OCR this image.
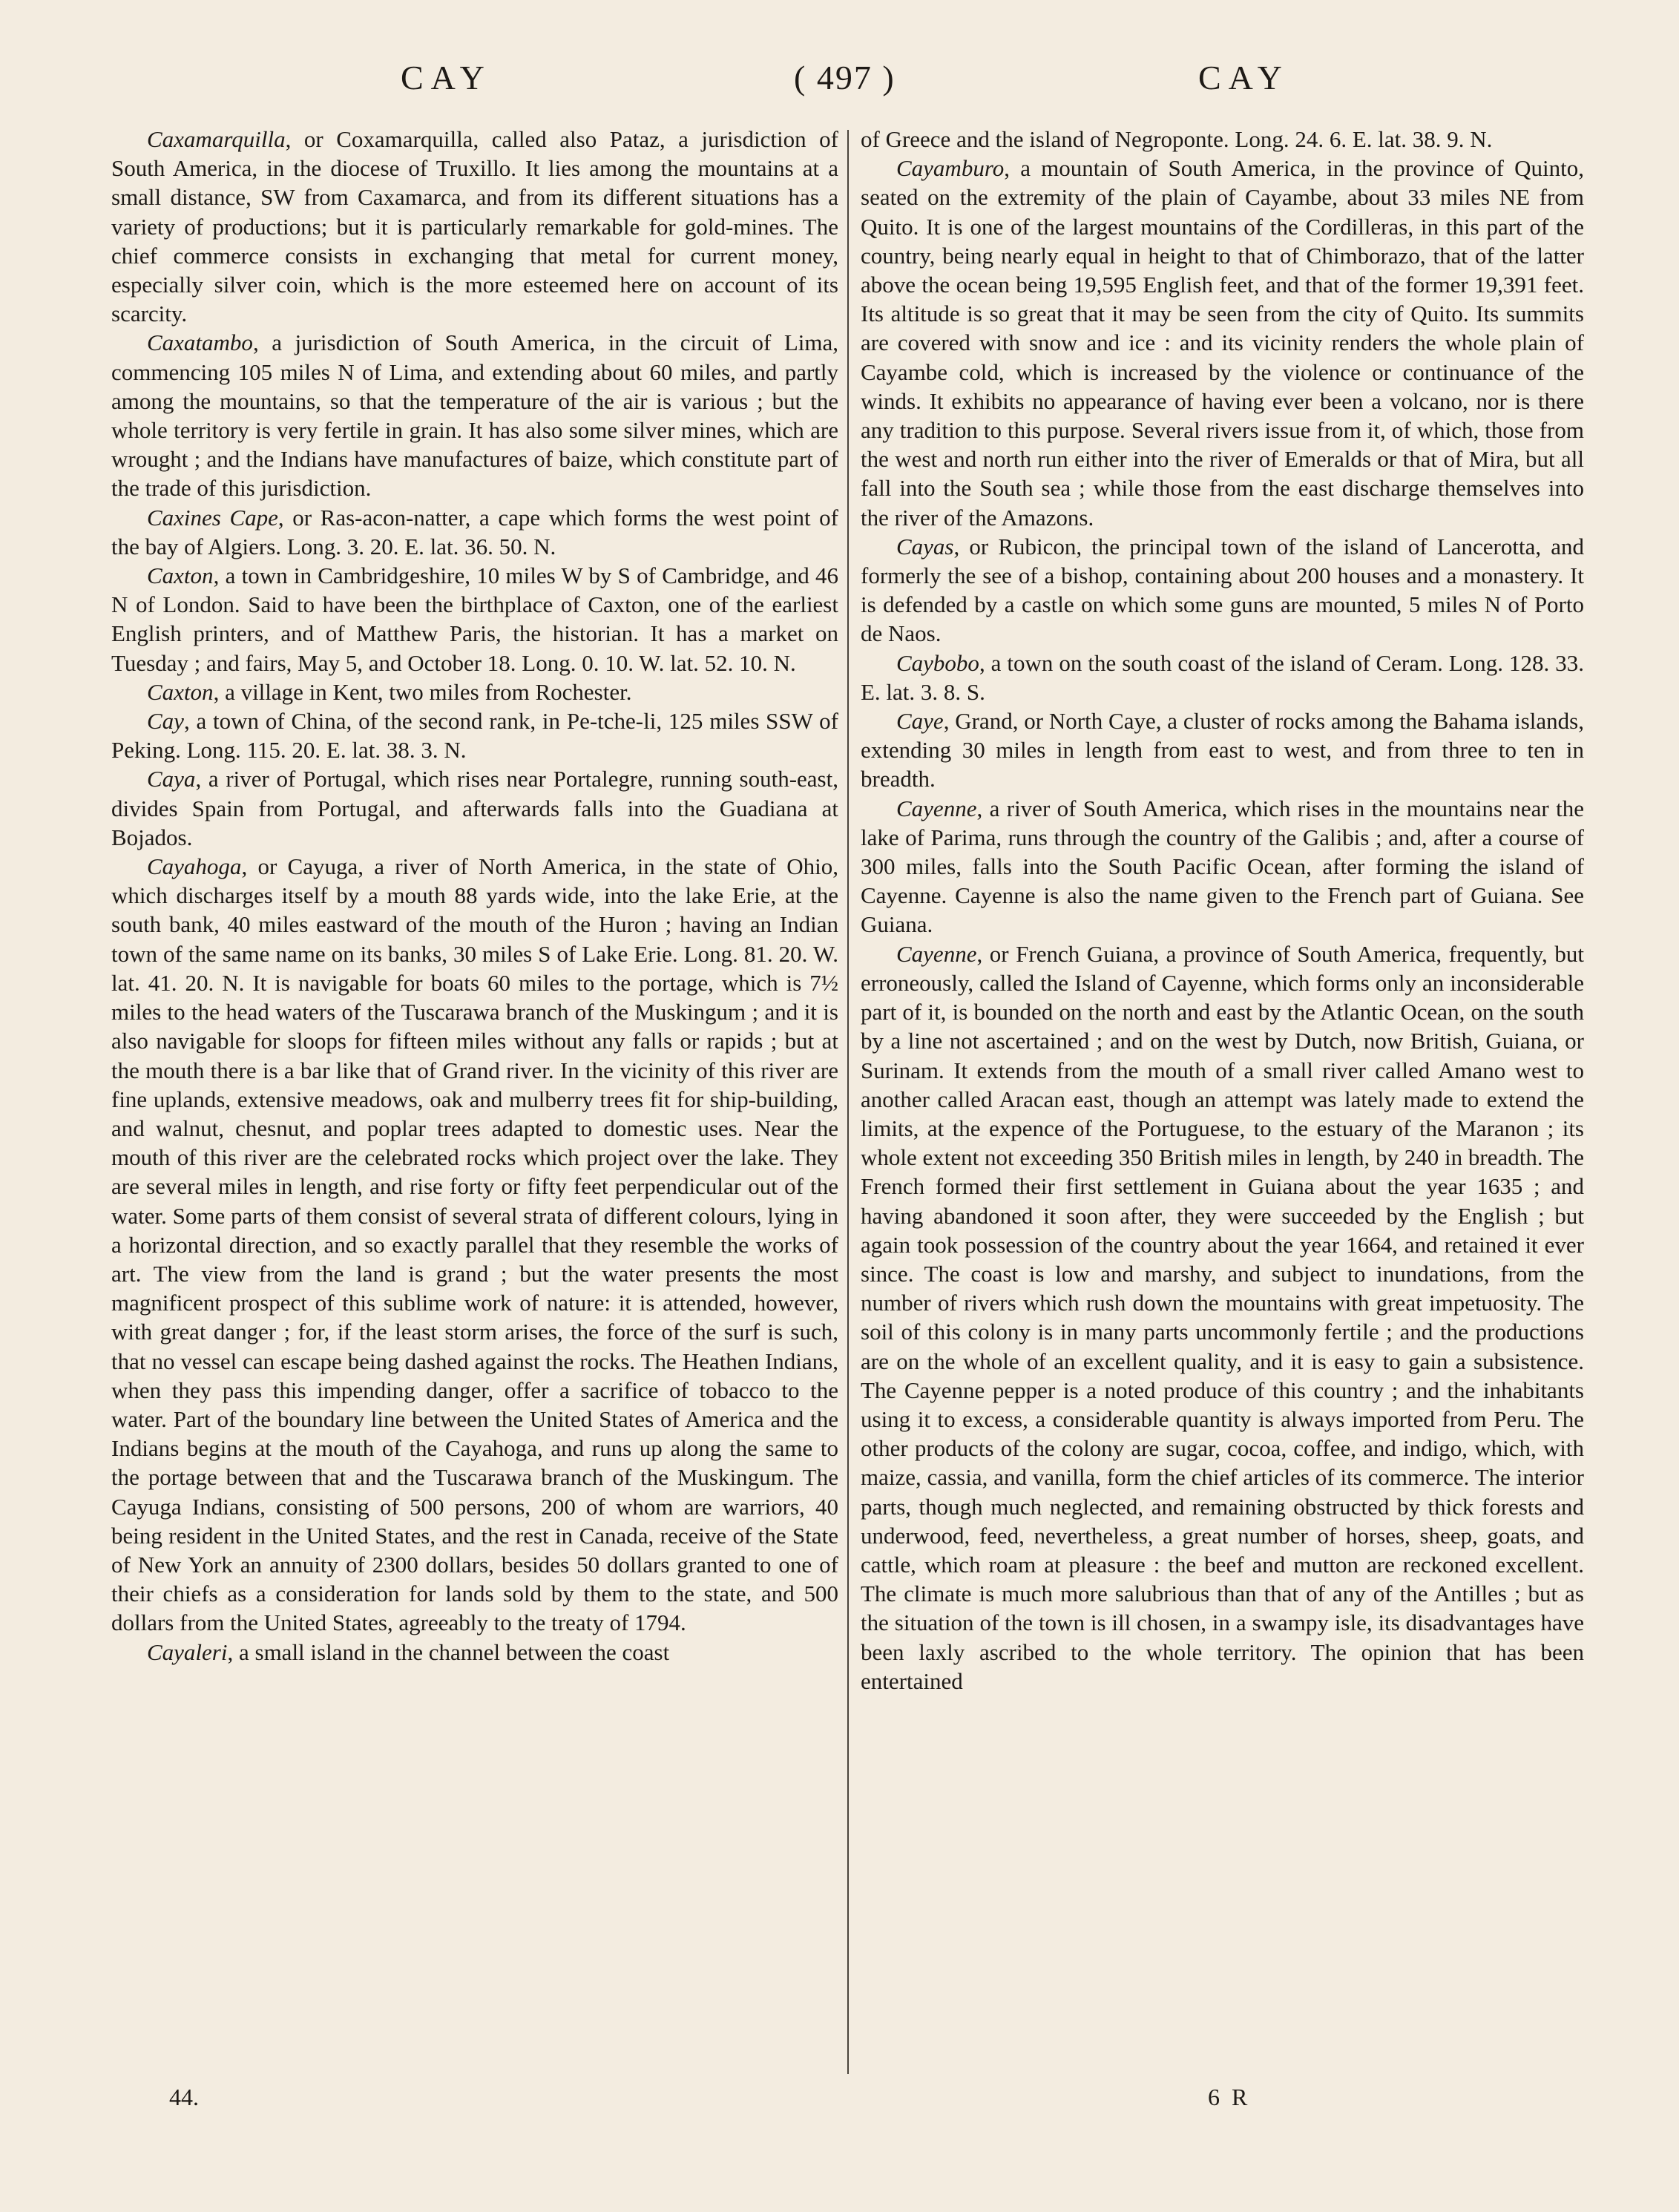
CAY	( 497 )	CAY

Caxamarquilla, or Coxamarquilla, called also Pataz, a jurisdiction of South America, in the diocese of Truxillo. It lies among the mountains at a small distance, SW from Caxamarca, and from its different situations has a variety of productions; but it is particularly remarkable for gold-mines. The chief commerce consists in exchanging that metal for current money, especially silver coin, which is the more esteemed here on account of its scarcity.

Caxatambo, a jurisdiction of South America, in the circuit of Lima, commencing 105 miles N of Lima, and extending about 60 miles, and partly among the mountains, so that the temperature of the air is various ; but the whole territory is very fertile in grain. It has also some silver mines, which are wrought ; and the Indians have manufactures of baize, which constitute part of the trade of this jurisdiction.

Caxines Cape, or Ras-acon-natter, a cape which forms the west point of the bay of Algiers. Long. 3. 20. E. lat. 36. 50. N.

Caxton, a town in Cambridgeshire, 10 miles W by S of Cambridge, and 46 N of London. Said to have been the birthplace of Caxton, one of the earliest English printers, and of Matthew Paris, the historian. It has a market on Tuesday ; and fairs, May 5, and October 18. Long. 0. 10. W. lat. 52. 10. N.

Caxton, a village in Kent, two miles from Rochester.

Cay, a town of China, of the second rank, in Pe-tche-li, 125 miles SSW of Peking. Long. 115. 20. E. lat. 38. 3. N.

Caya, a river of Portugal, which rises near Portalegre, running south-east, divides Spain from Portugal, and afterwards falls into the Guadiana at Bojados.

Cayahoga, or Cayuga, a river of North America, in the state of Ohio, which discharges itself by a mouth 88 yards wide, into the lake Erie, at the south bank, 40 miles eastward of the mouth of the Huron ; having an Indian town of the same name on its banks, 30 miles S of Lake Erie. Long. 81. 20. W. lat. 41. 20. N. It is navigable for boats 60 miles to the portage, which is 7½ miles to the head waters of the Tuscarawa branch of the Muskingum ; and it is also navigable for sloops for fifteen miles without any falls or rapids ; but at the mouth there is a bar like that of Grand river. In the vicinity of this river are fine uplands, extensive meadows, oak and mulberry trees fit for ship-building, and walnut, chesnut, and poplar trees adapted to domestic uses. Near the mouth of this river are the celebrated rocks which project over the lake. They are several miles in length, and rise forty or fifty feet perpendicular out of the water. Some parts of them consist of several strata of different colours, lying in a horizontal direction, and so exactly parallel that they resemble the works of art. The view from the land is grand ; but the water presents the most magnificent prospect of this sublime work of nature: it is attended, however, with great danger ; for, if the least storm arises, the force of the surf is such, that no vessel can escape being dashed against the rocks. The Heathen Indians, when they pass this impending danger, offer a sacrifice of tobacco to the water. Part of the boundary line between the United States of America and the Indians begins at the mouth of the Cayahoga, and runs up along the same to the portage between that and the Tuscarawa branch of the Muskingum. The Cayuga Indians, consisting of 500 persons, 200 of whom are warriors, 40 being resident in the United States, and the rest in Canada, receive of the State of New York an annuity of 2300 dollars, besides 50 dollars granted to one of their chiefs as a consideration for lands sold by them to the state, and 500 dollars from the United States, agreeably to the treaty of 1794.

Cayaleri, a small island in the channel between the coast

of Greece and the island of Negroponte. Long. 24. 6. E. lat. 38. 9. N.

Cayamburo, a mountain of South America, in the province of Quinto, seated on the extremity of the plain of Cayambe, about 33 miles NE from Quito. It is one of the largest mountains of the Cordilleras, in this part of the country, being nearly equal in height to that of Chimborazo, that of the latter above the ocean being 19,595 English feet, and that of the former 19,391 feet. Its altitude is so great that it may be seen from the city of Quito. Its summits are covered with snow and ice : and its vicinity renders the whole plain of Cayambe cold, which is increased by the violence or continuance of the winds. It exhibits no appearance of having ever been a volcano, nor is there any tradition to this purpose. Several rivers issue from it, of which, those from the west and north run either into the river of Emeralds or that of Mira, but all fall into the South sea ; while those from the east discharge themselves into the river of the Amazons.

Cayas, or Rubicon, the principal town of the island of Lancerotta, and formerly the see of a bishop, containing about 200 houses and a monastery. It is defended by a castle on which some guns are mounted, 5 miles N of Porto de Naos.

Caybobo, a town on the south coast of the island of Ceram. Long. 128. 33. E. lat. 3. 8. S.

Caye, Grand, or North Caye, a cluster of rocks among the Bahama islands, extending 30 miles in length from east to west, and from three to ten in breadth.

Cayenne, a river of South America, which rises in the mountains near the lake of Parima, runs through the country of the Galibis ; and, after a course of 300 miles, falls into the South Pacific Ocean, after forming the island of Cayenne. Cayenne is also the name given to the French part of Guiana. See Guiana.

Cayenne, or French Guiana, a province of South America, frequently, but erroneously, called the Island of Cayenne, which forms only an inconsiderable part of it, is bounded on the north and east by the Atlantic Ocean, on the south by a line not ascertained ; and on the west by Dutch, now British, Guiana, or Surinam. It extends from the mouth of a small river called Amano west to another called Aracan east, though an attempt was lately made to extend the limits, at the expence of the Portuguese, to the estuary of the Maranon ; its whole extent not exceeding 350 British miles in length, by 240 in breadth. The French formed their first settlement in Guiana about the year 1635 ; and having abandoned it soon after, they were succeeded by the English ; but again took possession of the country about the year 1664, and retained it ever since. The coast is low and marshy, and subject to inundations, from the number of rivers which rush down the mountains with great impetuosity. The soil of this colony is in many parts uncommonly fertile ; and the productions are on the whole of an excellent quality, and it is easy to gain a subsistence. The Cayenne pepper is a noted produce of this country ; and the inhabitants using it to excess, a considerable quantity is always imported from Peru. The other products of the colony are sugar, cocoa, coffee, and indigo, which, with maize, cassia, and vanilla, form the chief articles of its commerce. The interior parts, though much neglected, and remaining obstructed by thick forests and underwood, feed, nevertheless, a great number of horses, sheep, goats, and cattle, which roam at pleasure : the beef and mutton are reckoned excellent. The climate is much more salubrious than that of any of the Antilles ; but as the situation of the town is ill chosen, in a swampy isle, its disadvantages have been laxly ascribed to the whole territory. The opinion that has been entertained

44.	6 R
